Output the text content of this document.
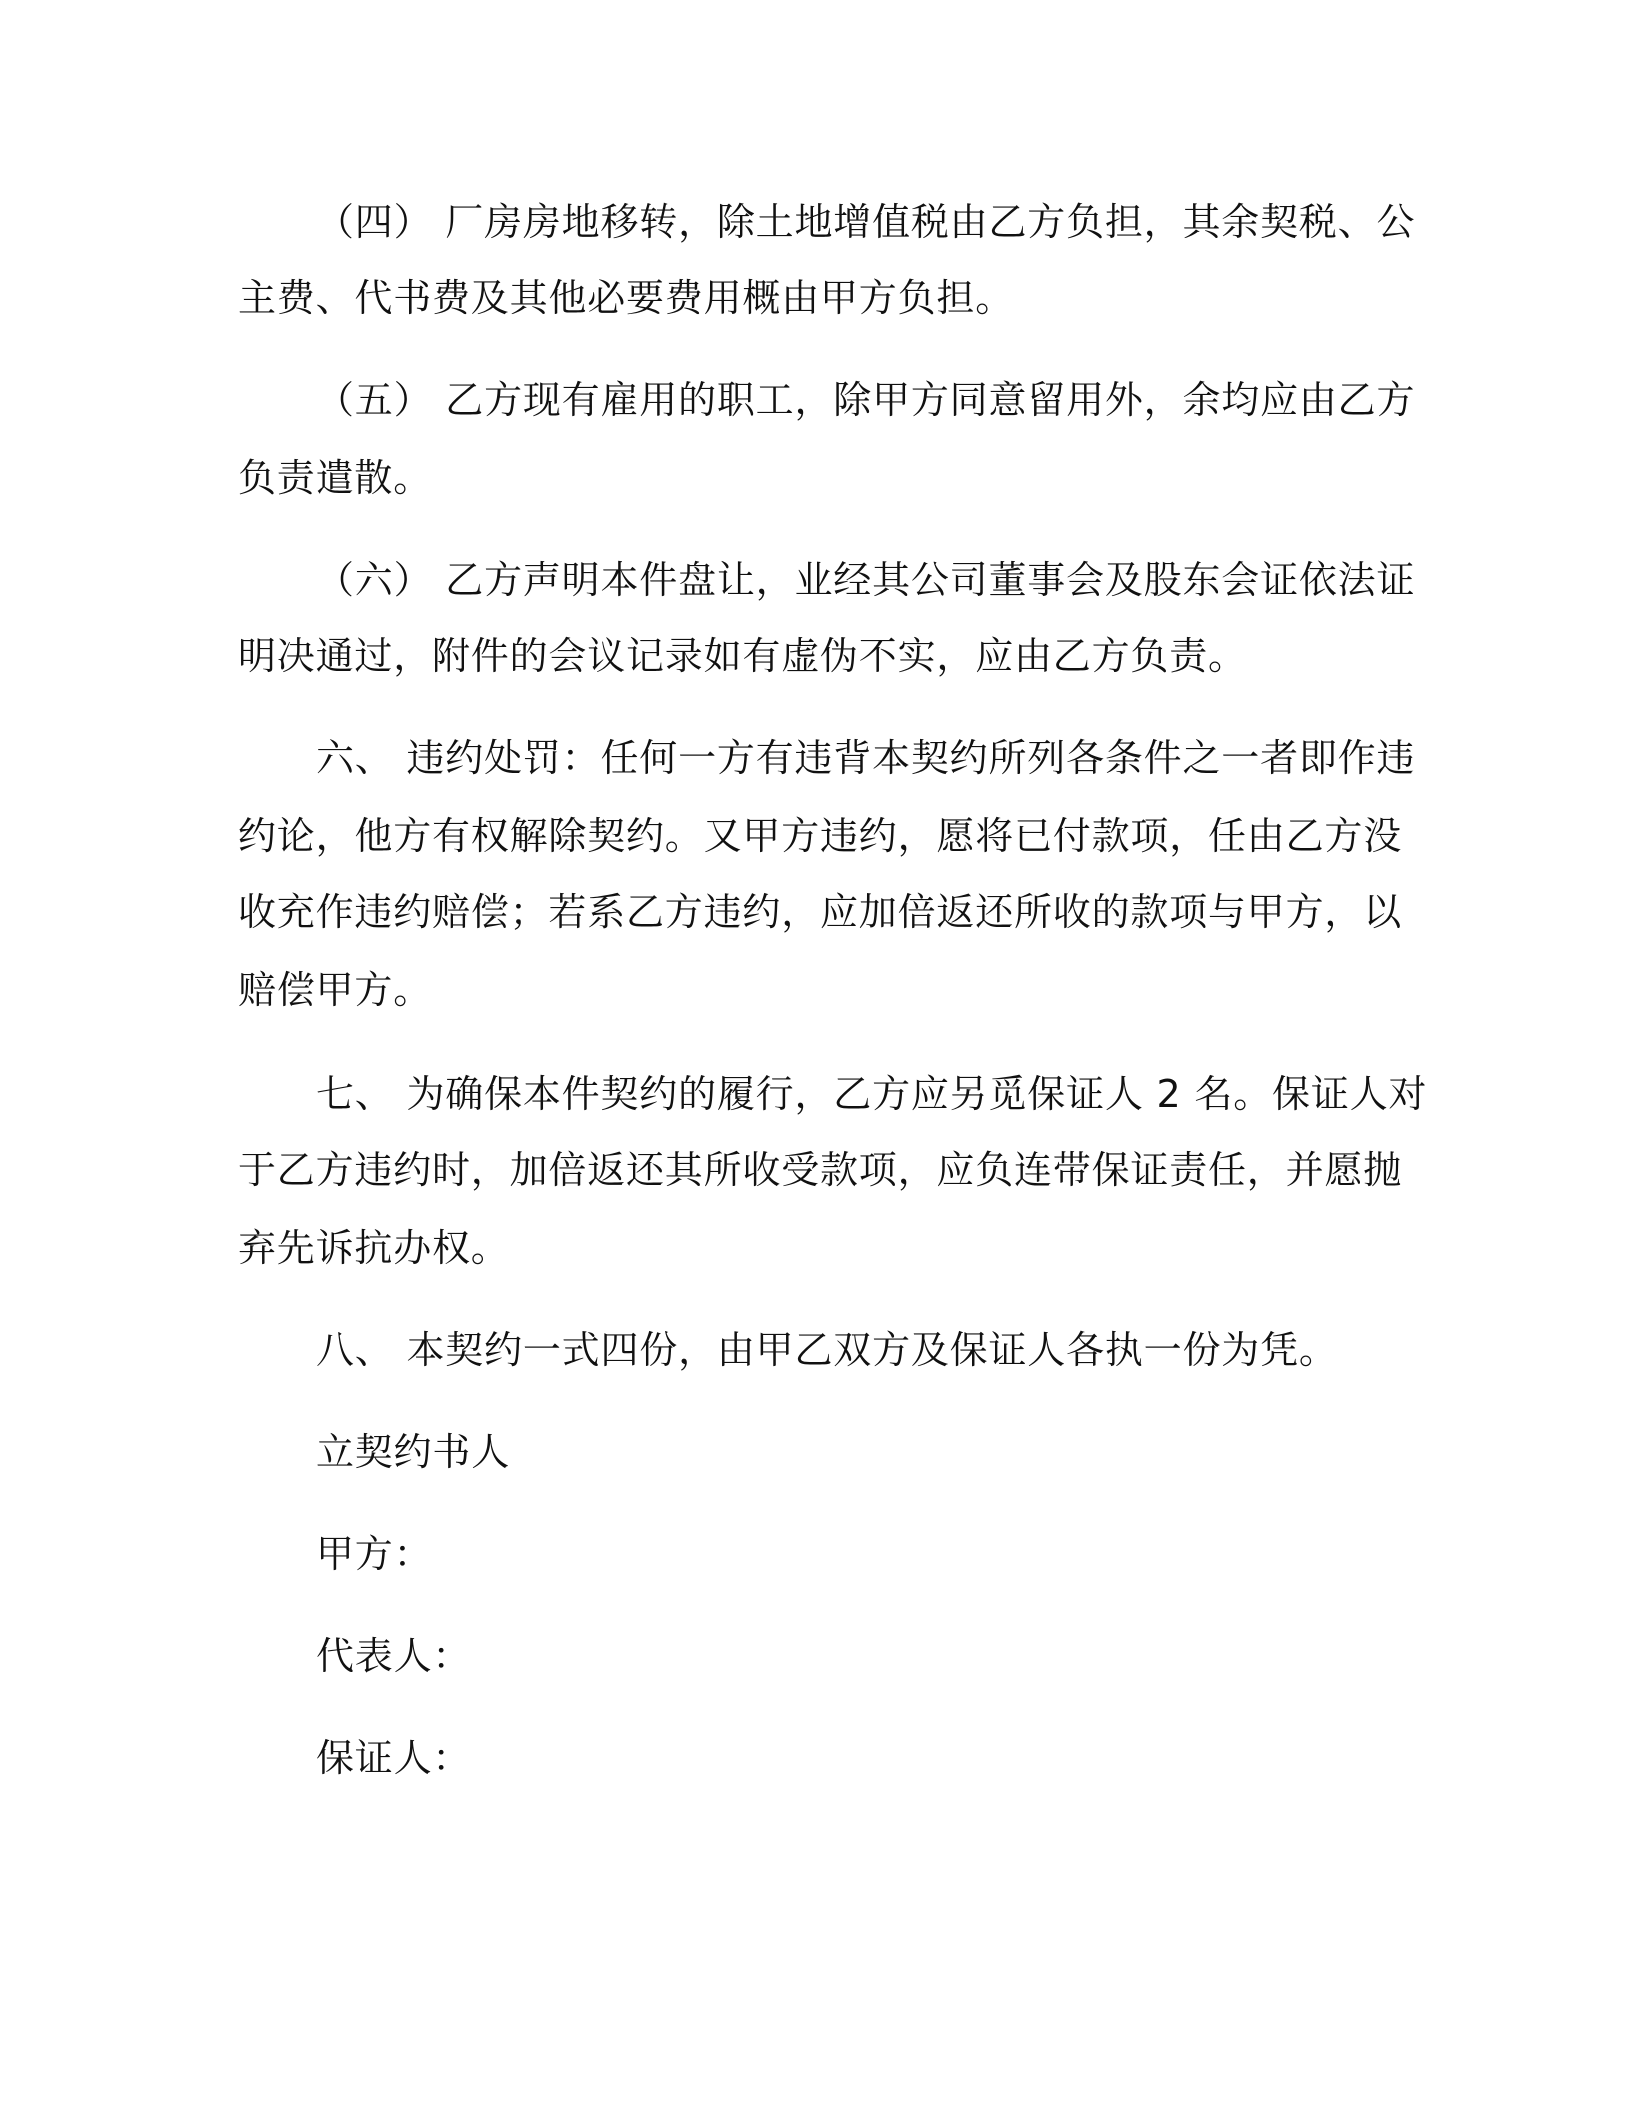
（四） 厂房房地移转，除土地增值税由乙方负担，其余契税、公
主费、代书费及其他必要费用概由甲方负担。
（五） 乙方现有雇用的职工，除甲方同意留用外，余均应由乙方
负责遣散。
（六） 乙方声明本件盘让，业经其公司董事会及股东会证依法证
明决通过，附件的会议记录如有虚伪不实，应由乙方负责。
六、 违约处罚：任何一方有违背本契约所列各条件之一者即作违
约论，他方有权解除契约。又甲方违约，愿将已付款项，任由乙方没
收充作违约赔偿；若系乙方违约，应加倍返还所收的款项与甲方，以
赔偿甲方。
七、 为确保本件契约的履行，乙方应另觅保证人 2 名。保证人对
于乙方违约时，加倍返还其所收受款项，应负连带保证责任，并愿抛
弃先诉抗办权。
八、 本契约一式四份，由甲乙双方及保证人各执一份为凭。
立契约书人
甲方：
代表人：
保证人：
